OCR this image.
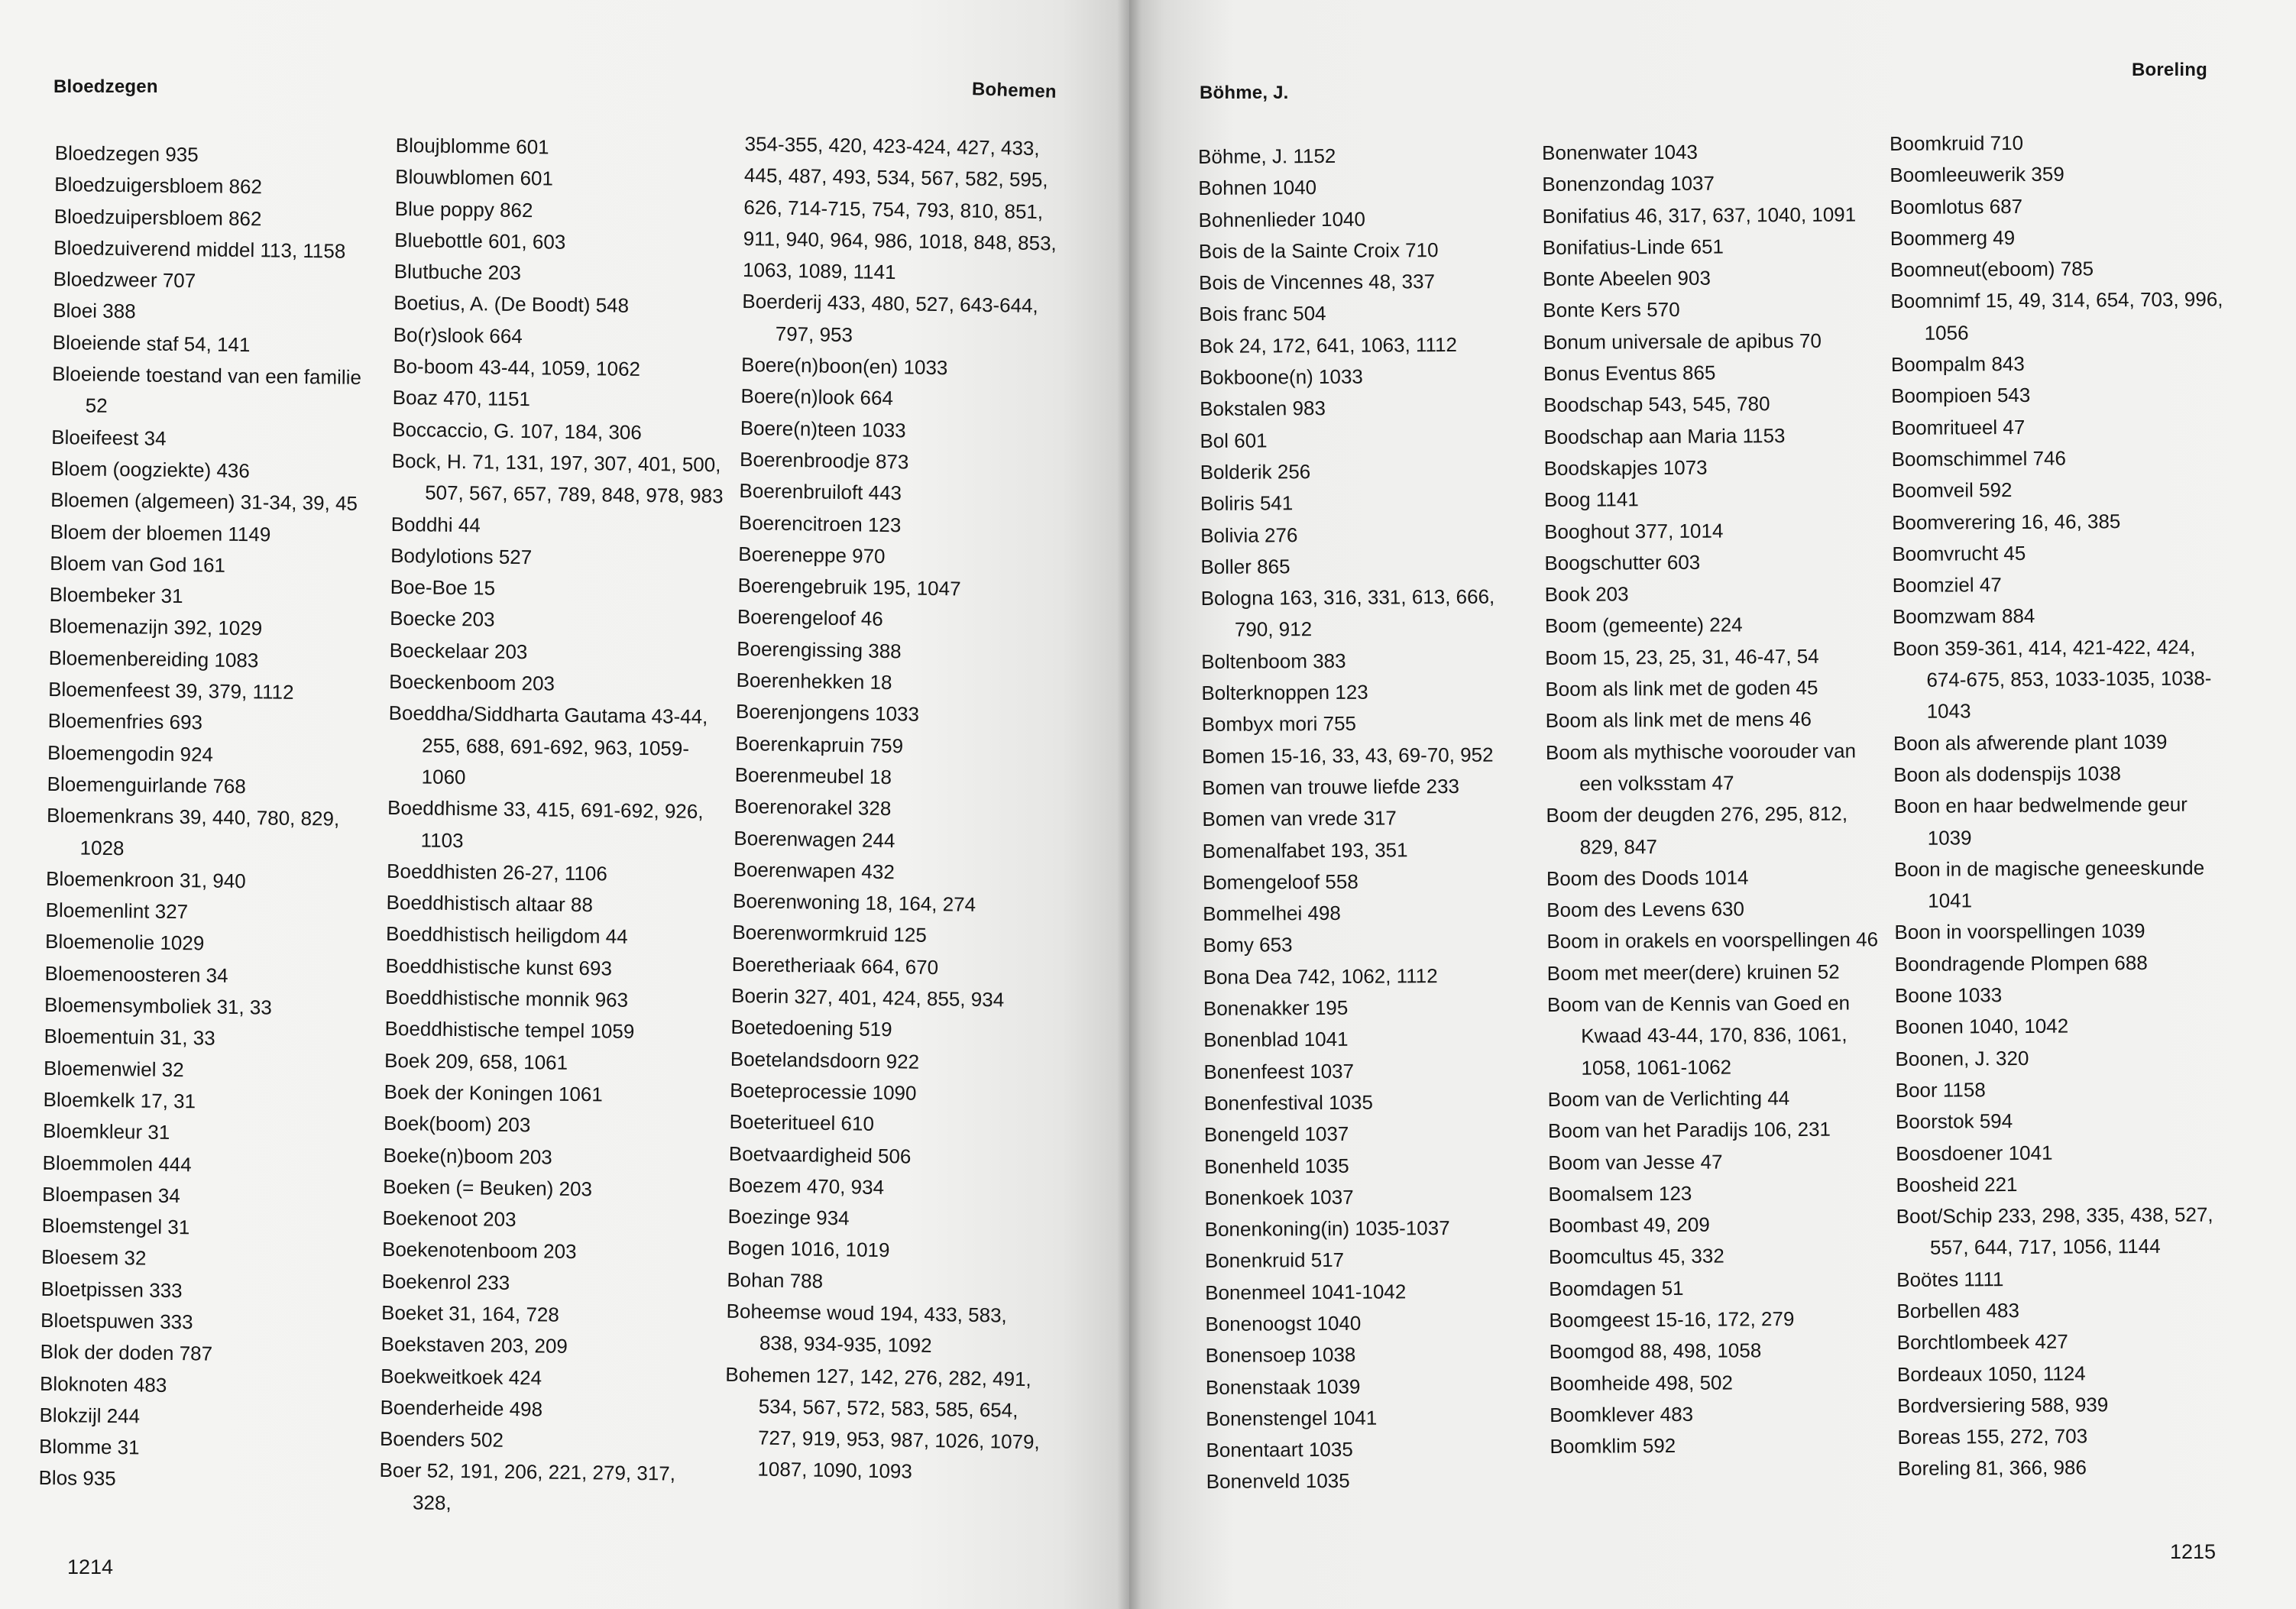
Bloedzegen	Bohemen
Bloedzegen 935
Bloedzuigersbloem 862
Bloedzuipersbloem 862
Bloedzuiverend middel 113, 1158
Bloedzweer 707
Bloei 388
Bloeiende staf 54, 141
Bloeiende toestand van een familie 52
Bloeifeest 34
Bloem (oogziekte) 436
Bloemen (algemeen) 31-34, 39, 45
Bloem der bloemen 1149
Bloem van God 161
Bloembeker 31
Bloemenazijn 392, 1029
Bloemenbereiding 1083
Bloemenfeest 39, 379, 1112
Bloemenfries 693
Bloemengodin 924
Bloemenguirlande 768
Bloemenkrans 39, 440, 780, 829, 1028
Bloemenkroon 31, 940
Bloemenlint 327
Bloemenolie 1029
Bloemenoosteren 34
Bloemensymboliek 31, 33
Bloementuin 31, 33
Bloemenwiel 32
Bloemkelk 17, 31
Bloemkleur 31
Bloemmolen 444
Bloempasen 34
Bloemstengel 31
Bloesem 32
Bloetpissen 333
Bloetspuwen 333
Blok der doden 787
Bloknoten 483
Blokzijl 244
Blomme 31
Blos 935
Bloujblomme 601
Blouwblomen 601
Blue poppy 862
Bluebottle 601, 603
Blutbuche 203
Boetius, A. (De Boodt) 548
Bo(r)slook 664
Bo-boom 43-44, 1059, 1062
Boaz 470, 1151
Boccaccio, G. 107, 184, 306
Bock, H. 71, 131, 197, 307, 401, 500, 507, 567, 657, 789, 848, 978, 983
Boddhi 44
Bodylotions 527
Boe-Boe 15
Boecke 203
Boeckelaar 203
Boeckenboom 203
Boeddha/Siddharta Gautama 43-44, 255, 688, 691-692, 963, 1059-1060
Boeddhisme 33, 415, 691-692, 926, 1103
Boeddhisten 26-27, 1106
Boeddhistisch altaar 88
Boeddhistisch heiligdom 44
Boeddhistische kunst 693
Boeddhistische monnik 963
Boeddhistische tempel 1059
Boek 209, 658, 1061
Boek der Koningen 1061
Boek(boom) 203
Boeke(n)boom 203
Boeken (= Beuken) 203
Boekenoot 203
Boekenotenboom 203
Boekenrol 233
Boeket 31, 164, 728
Boekstaven 203, 209
Boekweitkoek 424
Boenderheide 498
Boenders 502
Boer 52, 191, 206, 221, 279, 317, 328,
354-355, 420, 423-424, 427, 433, 445, 487, 493, 534, 567, 582, 595, 626, 714-715, 754, 793, 810, 851, 911, 940, 964, 986, 1018, 848, 853, 1063, 1089, 1141
Boerderij 433, 480, 527, 643-644, 797, 953
Boere(n)boon(en) 1033
Boere(n)look 664
Boere(n)teen 1033
Boerenbroodje 873
Boerenbruiloft 443
Boerencitroen 123
Boereneppe 970
Boerengebruik 195, 1047
Boerengeloof 46
Boerengissing 388
Boerenhekken 18
Boerenjongens 1033
Boerenkapruin 759
Boerenmeubel 18
Boerenorakel 328
Boerenwagen 244
Boerenwapen 432
Boerenwoning 18, 164, 274
Boerenwormkruid 125
Boeretheriaak 664, 670
Boerin 327, 401, 424, 855, 934
Boetedoening 519
Boetelandsdoorn 922
Boeteprocessie 1090
Boeteritueel 610
Boetvaardigheid 506
Boezem 470, 934
Boezinge 934
Bogen 1016, 1019
Bohan 788
Boheemse woud 194, 433, 583, 838, 934-935, 1092
Bohemen 127, 142, 276, 282, 491, 534, 567, 572, 583, 585, 654, 727, 919, 953, 987, 1026, 1079, 1087, 1090, 1093
1214
Böhme, J.
Boreling
Böhme, J. 1152
Bohnen 1040
Bohnenlieder 1040
Bois de la Sainte Croix 710
Bois de Vincennes 48, 337
Bois franc 504
Bok 24, 172, 641, 1063, 1112
Bokboone(n) 1033
Bokstalen 983
Bol 601
Bolderik 256
Boliris 541
Bolivia 276
Boller 865
Bologna 163, 316, 331, 613, 666, 790, 912
Boltenboom 383
Bolterknoppen 123
Bombyx mori 755
Bomen 15-16, 33, 43, 69-70, 952
Bomen van trouwe liefde 233
Bomen van vrede 317
Bomenalfabet 193, 351
Bomengeloof 558
Bommelhei 498
Bomy 653
Bona Dea 742, 1062, 1112
Bonenakker 195
Bonenblad 1041
Bonenfeest 1037
Bonenfestival 1035
Bonengeld 1037
Bonenheld 1035
Bonenkoek 1037
Bonenkoning(in) 1035-1037
Bonenkruid 517
Bonenmeel 1041-1042
Bonenoogst 1040
Bonensoep 1038
Bonenstaak 1039
Bonenstengel 1041
Bonentaart 1035
Bonenveld 1035
Bonenwater 1043
Bonenzondag 1037
Bonifatius 46, 317, 637, 1040, 1091
Bonifatius-Linde 651
Bonte Abeelen 903
Bonte Kers 570
Bonum universale de apibus 70
Bonus Eventus 865
Boodschap 543, 545, 780
Boodschap aan Maria 1153
Boodskapjes 1073
Boog 1141
Booghout 377, 1014
Boogschutter 603
Book 203
Boom (gemeente) 224
Boom 15, 23, 25, 31, 46-47, 54
Boom als link met de goden 45
Boom als link met de mens 46
Boom als mythische voorouder van een volksstam 47
Boom der deugden 276, 295, 812, 829, 847
Boom des Doods 1014
Boom des Levens 630
Boom in orakels en voorspellingen 46
Boom met meer(dere) kruinen 52
Boom van de Kennis van Goed en Kwaad 43-44, 170, 836, 1061, 1058, 1061-1062
Boom van de Verlichting 44
Boom van het Paradijs 106, 231
Boom van Jesse 47
Boomalsem 123
Boombast 49, 209
Boomcultus 45, 332
Boomdagen 51
Boomgeest 15-16, 172, 279
Boomgod 88, 498, 1058
Boomheide 498, 502
Boomklever 483
Boomklim 592
Boomkruid 710
Boomleeuwerik 359
Boomlotus 687
Boommerg 49
Boomneut(eboom) 785
Boomnimf 15, 49, 314, 654, 703, 996, 1056
Boompalm 843
Boompioen 543
Boomritueel 47
Boomschimmel 746
Boomveil 592
Boomverering 16, 46, 385
Boomvrucht 45
Boomziel 47
Boomzwam 884
Boon 359-361, 414, 421-422, 424, 674-675, 853, 1033-1035, 1038-1043
Boon als afwerende plant 1039
Boon als dodenspijs 1038
Boon en haar bedwelmende geur 1039
Boon in de magische geneeskunde 1041
Boon in voorspellingen 1039
Boondragende Plompen 688
Boone 1033
Boonen 1040, 1042
Boonen, J. 320
Boor 1158
Boorstok 594
Boosdoener 1041
Boosheid 221
Boot/Schip 233, 298, 335, 438, 527, 557, 644, 717, 1056, 1144
Boötes 1111
Borbellen 483
Borchtlombeek 427
Bordeaux 1050, 1124
Bordversiering 588, 939
Boreas 155, 272, 703
Boreling 81, 366, 986
1215
